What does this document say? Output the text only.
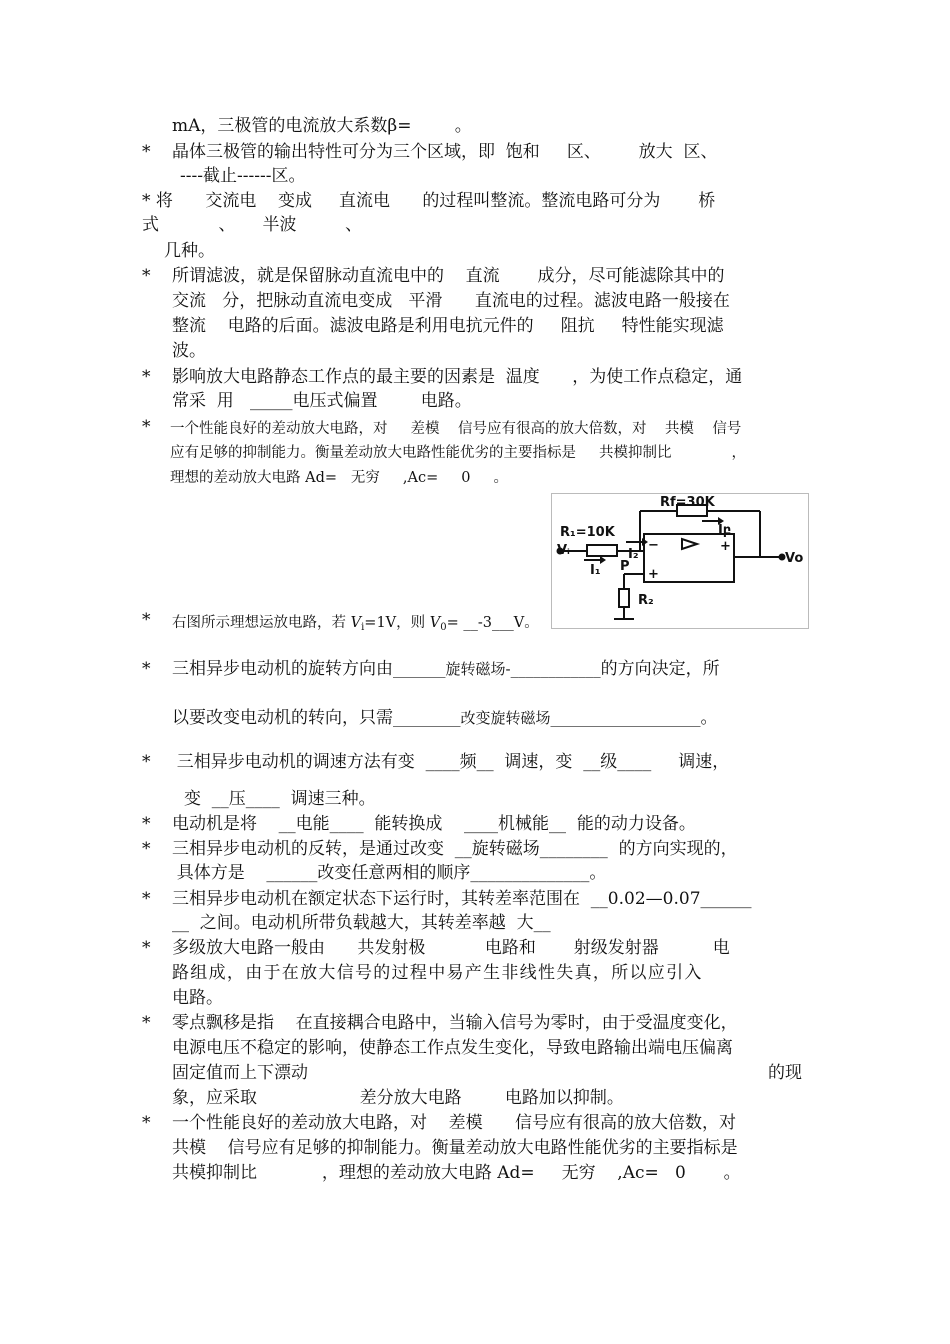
*
*
*
*
*
*
*
*
*
*
*
*
*
mA，三极管的电流放大系数β=        。
晶体三极管的输出特性可分为三个区域，即  饱和     区、       放大  区、
----截止------区。
* 将      交流电    变成     直流电      的过程叫整流。整流电路可分为       桥
式           、     半波         、
几种。
所谓滤波，就是保留脉动直流电中的    直流       成分，尽可能滤除其中的
交流   分，把脉动直流电变成   平滑      直流电的过程。滤波电路一般接在
整流    电路的后面。滤波电路是利用电抗元件的     阻抗     特性能实现滤
波。
影响放大电路静态工作点的最主要的因素是  温度      ，为使工作点稳定，通
常采  用   _____电压式偏置        电路。
一个性能良好的差动放大电路，对     差模    信号应有很高的放大倍数，对    共模    信号
应有足够的抑制能力。衡量差动放大电路性能优劣的主要指标是     共模抑制比             ，
理想的差动放大电路 Ad=   无穷     ,Ac=     0     。
Rf=30K
R₁=10K
Vᵢ
I₁
I₂
Iբ
P
R₂
Vo
−
+
+
右图所示理想运放电路，若 $V_i=1V$，则 $V_0=$ __-3___V。
三相异步电动机的旋转方向由_______旋转磁场-____________的方向决定，所
以要改变电动机的转向，只需_________改变旋转磁场____________________。
三相异步电动机的调速方法有变  ____频__  调速，变  __级____     调速，
变  __压____  调速三种。
电动机是将    __电能____  能转换成    ____机械能__  能的动力设备。
三相异步电动机的反转，是通过改变  __旋转磁场________  的方向实现的，
具体方是    ______改变任意两相的顺序______________。
三相异步电动机在额定状态下运行时，其转差率范围在  __0.02—0.07______
__  之间。电动机所带负载越大，其转差率越  大__
多级放大电路一般由      共发射极           电路和       射级发射器          电
路组成，由于在放大信号的过程中易产生非线性失真，所以应引入
电路。
零点飘移是指    在直接耦合电路中，当输入信号为零时，由于受温度变化，
电源电压不稳定的影响，使静态工作点发生变化，导致电路输出端电压偏离
固定值而上下漂动	的现
象，应采取                   差分放大电路        电路加以抑制。
一个性能良好的差动放大电路，对    差模      信号应有很高的放大倍数，对
共模    信号应有足够的抑制能力。衡量差动放大电路性能优劣的主要指标是
共模抑制比            ，理想的差动放大电路 Ad=     无穷    ,Ac=   0       。
